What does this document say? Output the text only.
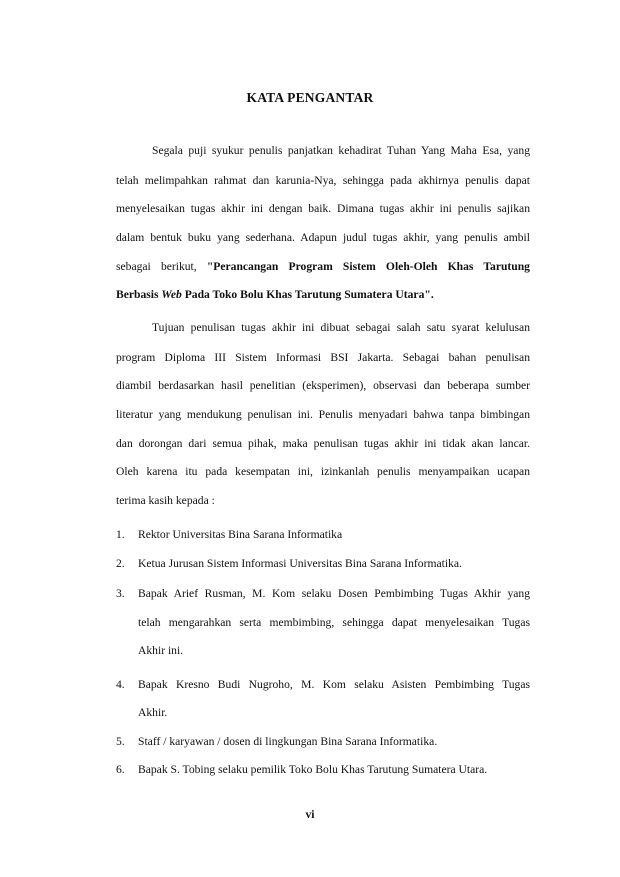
KATA PENGANTAR
Segala puji syukur penulis panjatkan kehadirat Tuhan Yang Maha Esa, yang
telah melimpahkan rahmat dan karunia-Nya, sehingga pada akhirnya penulis dapat
menyelesaikan tugas akhir ini dengan baik. Dimana tugas akhir ini penulis sajikan
dalam bentuk buku yang sederhana. Adapun judul tugas akhir, yang penulis ambil
sebagai berikut, "Perancangan Program Sistem Oleh-Oleh Khas Tarutung
Berbasis Web Pada Toko Bolu Khas Tarutung Sumatera Utara".
Tujuan penulisan tugas akhir ini dibuat sebagai salah satu syarat kelulusan
program Diploma III Sistem Informasi BSI Jakarta. Sebagai bahan penulisan
diambil berdasarkan hasil penelitian (eksperimen), observasi dan beberapa sumber
literatur yang mendukung penulisan ini. Penulis menyadari bahwa tanpa bimbingan
dan dorongan dari semua pihak, maka penulisan tugas akhir ini tidak akan lancar.
Oleh karena itu pada kesempatan ini, izinkanlah penulis menyampaikan ucapan
terima kasih kepada :
1.	Rektor Universitas Bina Sarana Informatika
2.	Ketua Jurusan Sistem Informasi Universitas Bina Sarana Informatika.
3.	Bapak Arief Rusman, M. Kom selaku Dosen Pembimbing Tugas Akhir yang
telah mengarahkan serta membimbing, sehingga dapat menyelesaikan Tugas
Akhir ini.
4.	Bapak Kresno Budi Nugroho, M. Kom selaku Asisten Pembimbing Tugas
Akhir.
5.	Staff / karyawan / dosen di lingkungan Bina Sarana Informatika.
6.	Bapak S. Tobing selaku pemilik Toko Bolu Khas Tarutung Sumatera Utara.
vi
